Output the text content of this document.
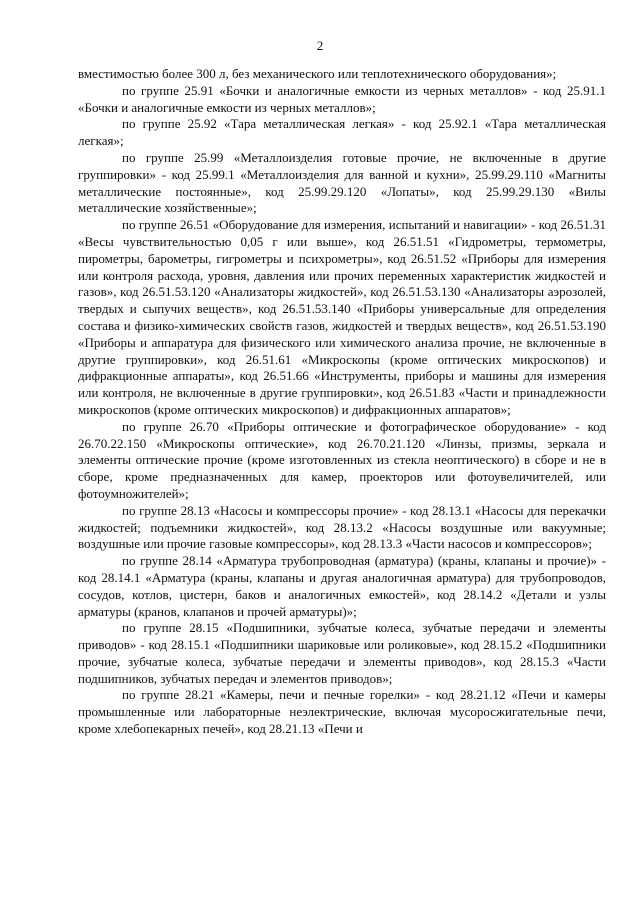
2

вместимостью более 300 л, без механического или теплотехнического оборудования»;

по группе 25.91 «Бочки и аналогичные емкости из черных металлов» - код 25.91.1 «Бочки и аналогичные емкости из черных металлов»;

по группе 25.92 «Тара металлическая легкая» - код 25.92.1 «Тара металлическая легкая»;

по группе 25.99 «Металлоизделия готовые прочие, не включенные в другие группировки» - код 25.99.1 «Металлоизделия для ванной и кухни», 25.99.29.110 «Магниты металлические постоянные», код 25.99.29.120 «Лопаты», код 25.99.29.130 «Вилы металлические хозяйственные»;

по группе 26.51 «Оборудование для измерения, испытаний и навигации» - код 26.51.31 «Весы чувствительностью 0,05 г или выше», код 26.51.51 «Гидрометры, термометры, пирометры, барометры, гигрометры и психрометры», код 26.51.52 «Приборы для измерения или контроля расхода, уровня, давления или прочих переменных характеристик жидкостей и газов», код 26.51.53.120 «Анализаторы жидкостей», код 26.51.53.130 «Анализаторы аэрозолей, твердых и сыпучих веществ», код 26.51.53.140 «Приборы универсальные для определения состава и физико-химических свойств газов, жидкостей и твердых веществ», код 26.51.53.190 «Приборы и аппаратура для физического или химического анализа прочие, не включенные в другие группировки», код 26.51.61 «Микроскопы (кроме оптических микроскопов) и дифракционные аппараты», код 26.51.66 «Инструменты, приборы и машины для измерения или контроля, не включенные в другие группировки», код 26.51.83 «Части и принадлежности микроскопов (кроме оптических микроскопов) и дифракционных аппаратов»;

по группе 26.70 «Приборы оптические и фотографическое оборудование» - код 26.70.22.150 «Микроскопы оптические», код 26.70.21.120 «Линзы, призмы, зеркала и элементы оптические прочие (кроме изготовленных из стекла неоптического) в сборе и не в сборе, кроме предназначенных для камер, проекторов или фотоувеличителей, или фотоумножителей»;

по группе 28.13 «Насосы и компрессоры прочие» - код 28.13.1 «Насосы для перекачки жидкостей; подъемники жидкостей», код 28.13.2 «Насосы воздушные или вакуумные; воздушные или прочие газовые компрессоры», код 28.13.3 «Части насосов и компрессоров»;

по группе 28.14 «Арматура трубопроводная (арматура) (краны, клапаны и прочие)» - код 28.14.1 «Арматура (краны, клапаны и другая аналогичная арматура) для трубопроводов, сосудов, котлов, цистерн, баков и аналогичных емкостей», код 28.14.2 «Детали и узлы арматуры (кранов, клапанов и прочей арматуры)»;

по группе 28.15 «Подшипники, зубчатые колеса, зубчатые передачи и элементы приводов» - код 28.15.1 «Подшипники шариковые или роликовые», код 28.15.2 «Подшипники прочие, зубчатые колеса, зубчатые передачи и элементы приводов», код 28.15.3 «Части подшипников, зубчатых передач и элементов приводов»;

по группе 28.21 «Камеры, печи и печные горелки» - код 28.21.12 «Печи и камеры промышленные или лабораторные неэлектрические, включая мусоросжигательные печи, кроме хлебопекарных печей», код 28.21.13 «Печи и
